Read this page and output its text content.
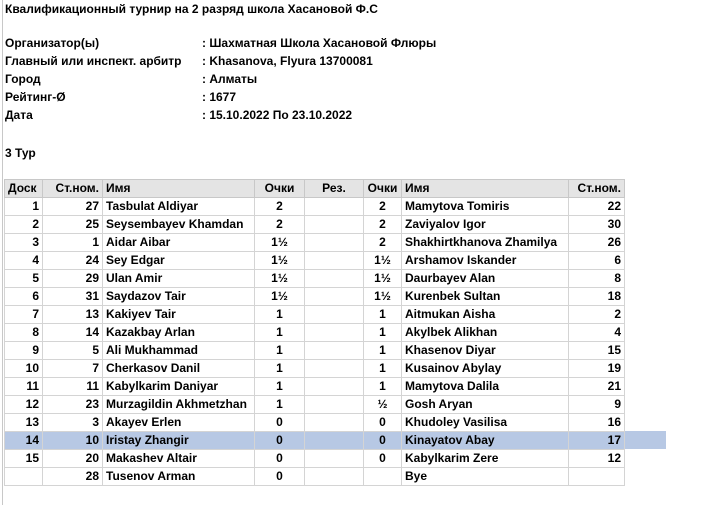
Квалификационный турнир на 2 разряд школа Хасановой Ф.С
Организатор(ы)	: Шахматная Школа Хасановой Флюры
Главный или инспект. арбитр : Khasanova, Flyura 13700081
Город	: Алматы
Рейтинг-Ø	: 1677
Дата	: 15.10.2022 По 23.10.2022
3 Тур
Доск	Ст.ном.	Имя	Очки	Рез.	Очки	Имя	Ст.ном.
1	27	Tasbulat Aldiyar	2		2	Mamytova Tomiris	22
2	25	Seysembayev Khamdan	2		2	Zaviyalov Igor	30
3	1	Aidar Aibar	1½		2	Shakhirtkhanova Zhamilya	26
4	24	Sey Edgar	1½		1½	Arshamov Iskander	6
5	29	Ulan Amir	1½		1½	Daurbayev Alan	8
6	31	Saydazov Tair	1½		1½	Kurenbek Sultan	18
7	13	Kakiyev Tair	1		1	Aitmukan Aisha	2
8	14	Kazakbay Arlan	1		1	Akylbek Alikhan	4
9	5	Ali Mukhammad	1		1	Khasenov Diyar	15
10	7	Cherkasov Danil	1		1	Kusainov Abylay	19
11	11	Kabylkarim Daniyar	1		1	Mamytova Dalila	21
12	23	Murzagildin Akhmetzhan	1		½	Gosh Aryan	9
13	3	Akayev Erlen	0		0	Khudoley Vasilisa	16
14	10	Iristay Zhangir	0		0	Kinayatov Abay	17
15	20	Makashev Altair	0		0	Kabylkarim Zere	12
	28	Tusenov Arman	0			Bye	
